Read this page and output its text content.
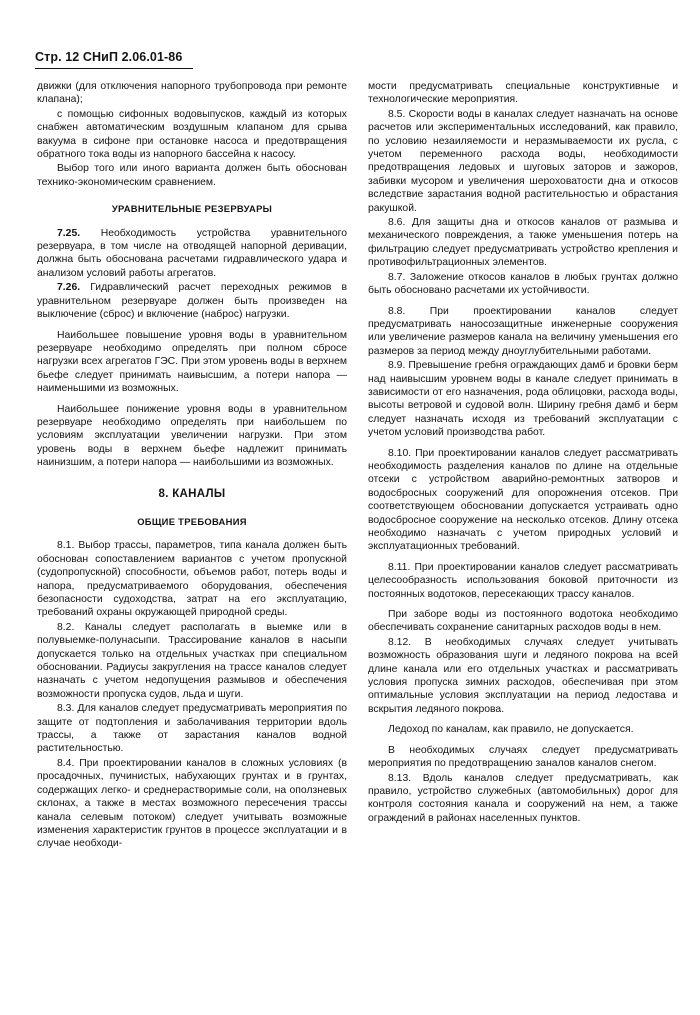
Стр. 12 СНиП 2.06.01-86

движки (для отключения напорного трубопровода при ремонте клапана);

с помощью сифонных водовыпусков, каждый из которых снабжен автоматическим воздушным клапаном для срыва вакуума в сифоне при остановке насоса и предотвращения обратного тока воды из напорного бассейна к насосу.

Выбор того или иного варианта должен быть обоснован технико-экономическим сравнением.

УРАВНИТЕЛЬНЫЕ РЕЗЕРВУАРЫ

7.25. Необходимость устройства уравнительного резервуара, в том числе на отводящей напорной деривации, должна быть обоснована расчетами гидравлического удара и анализом условий работы агрегатов.

7.26. Гидравлический расчет переходных режимов в уравнительном резервуаре должен быть произведен на выключение (сброс) и включение (наброс) нагрузки.

Наибольшее повышение уровня воды в уравнительном резервуаре необходимо определять при полном сбросе нагрузки всех агрегатов ГЭС. При этом уровень воды в верхнем бьефе следует принимать наивысшим, а потери напора — наименьшими из возможных.

Наибольшее понижение уровня воды в уравнительном резервуаре необходимо определять при наибольшем по условиям эксплуатации увеличении нагрузки. При этом уровень воды в верхнем бьефе надлежит принимать наинизшим, а потери напора — наибольшими из возможных.

8. КАНАЛЫ
ОБЩИЕ ТРЕБОВАНИЯ

8.1. Выбор трассы, параметров, типа канала должен быть обоснован сопоставлением вариантов с учетом пропускной (судопропускной) способности, объемов работ, потерь воды и напора, предусматриваемого оборудования, обеспечения безопасности судоходства, затрат на его эксплуатацию, требований охраны окружающей природной среды.

8.2. Каналы следует располагать в выемке или в полувыемке-полунасыпи. Трассирование каналов в насыпи допускается только на отдельных участках при специальном обосновании. Радиусы закругления на трассе каналов следует назначать с учетом недопущения размывов и обеспечения возможности пропуска судов, льда и шуги.

8.3. Для каналов следует предусматривать мероприятия по защите от подтопления и заболачивания территории вдоль трассы, а также от зарастания каналов водной растительностью.

8.4. При проектировании каналов в сложных условиях (в просадочных, пучинистых, набухающих грунтах и в грунтах, содержащих легко- и среднерастворимые соли, на оползневых склонах, а также в местах возможного пересечения трассы канала селевым потоком) следует учитывать возможные изменения характеристик грунтов в процессе эксплуатации и в случае необходи-

мости предусматривать специальные конструктивные и технологические мероприятия.

8.5. Скорости воды в каналах следует назначать на основе расчетов или экспериментальных исследований, как правило, по условию незаиляемости и неразмываемости их русла, с учетом переменного расхода воды, необходимости предотвращения ледовых и шуговых заторов и зажоров, забивки мусором и увеличения шероховатости дна и откосов вследствие зарастания водной растительностью и обрастания ракушкой.

8.6. Для защиты дна и откосов каналов от размыва и механического повреждения, а также уменьшения потерь на фильтрацию следует предусматривать устройство крепления и противофильтрационных элементов.

8.7. Заложение откосов каналов в любых грунтах должно быть обосновано расчетами их устойчивости.

8.8. При проектировании каналов следует предусматривать наносозащитные инженерные сооружения или увеличение размеров канала на величину уменьшения его размеров за период между дноуглубительными работами.

8.9. Превышение гребня ограждающих дамб и бровки берм над наивысшим уровнем воды в канале следует принимать в зависимости от его назначения, рода облицовки, расхода воды, высоты ветровой и судовой волн. Ширину гребня дамб и берм следует назначать исходя из требований эксплуатации с учетом условий производства работ.

8.10. При проектировании каналов следует рассматривать необходимость разделения каналов по длине на отдельные отсеки с устройством аварийно-ремонтных затворов и водосбросных сооружений для опорожнения отсеков. При соответствующем обосновании допускается устраивать одно водосбросное сооружение на несколько отсеков. Длину отсека необходимо назначать с учетом природных условий и эксплуатационных требований.

8.11. При проектировании каналов следует рассматривать целесообразность использования боковой приточности из постоянных водотоков, пересекающих трассу каналов.

При заборе воды из постоянного водотока необходимо обеспечивать сохранение санитарных расходов воды в нем.

8.12. В необходимых случаях следует учитывать возможность образования шуги и ледяного покрова на всей длине канала или его отдельных участках и рассматривать условия пропуска зимних расходов, обеспечивая при этом оптимальные условия эксплуатации на период ледостава и вскрытия ледяного покрова.

Ледоход по каналам, как правило, не допускается.

В необходимых случаях следует предусматривать мероприятия по предотвращению заналов каналов снегом.

8.13. Вдоль каналов следует предусматривать, как правило, устройство служебных (автомобильных) дорог для контроля состояния канала и сооружений на нем, а также ограждений в районах населенных пунктов.
